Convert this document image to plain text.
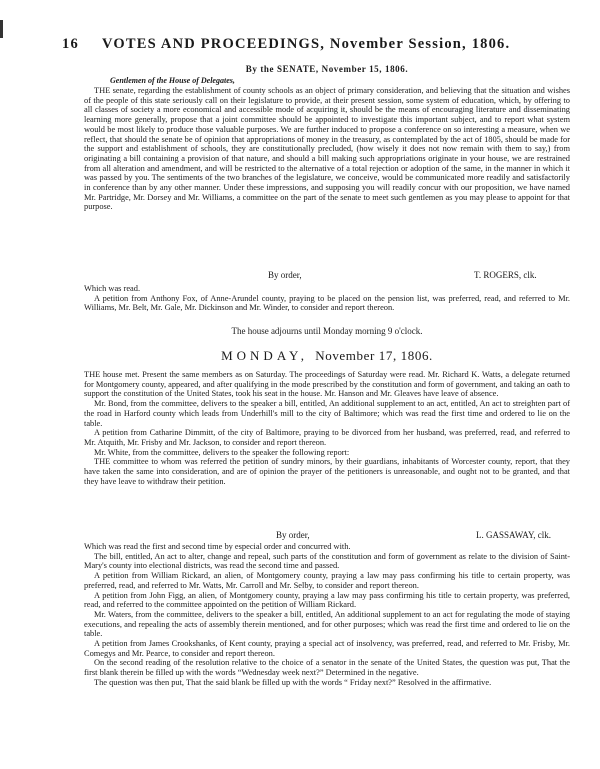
16 VOTES AND PROCEEDINGS, November Session, 1806.
By the SENATE, November 15, 1806.
Gentlemen of the House of Delegates,
THE senate, regarding the establishment of county schools as an object of primary consideration, and believing that the situation and wishes of the people of this state seriously call on their legislature to provide, at their present session, some system of education, which, by offering to all classes of society a more economical and accessible mode of acquiring it, should be the means of encouraging literature and disseminating learning more generally, propose that a joint committee should be appointed to investigate this important subject, and to report what system would be most likely to produce those valuable purposes. We are further induced to propose a conference on so interesting a measure, when we reflect, that should the senate be of opinion that appropriations of money in the treasury, as contemplated by the act of 1805, should be made for the support and establishment of schools, they are constitutionally precluded, (how wisely it does not now remain with them to say,) from originating a bill containing a provision of that nature, and should a bill making such appropriations originate in your house, we are restrained from all alteration and amendment, and will be restricted to the alternative of a total rejection or adoption of the same, in the manner in which it was passed by you. The sentiments of the two branches of the legislature, we conceive, would be communicated more readily and satisfactorily in conference than by any other manner. Under these impressions, and supposing you will readily concur with our proposition, we have named Mr. Partridge, Mr. Dorsey and Mr. Williams, a committee on the part of the senate to meet such gentlemen as you may please to appoint for that purpose.
By order,	T. ROGERS, clk.
Which was read.
A petition from Anthony Fox, of Anne-Arundel county, praying to be placed on the pension list, was preferred, read, and referred to Mr. Williams, Mr. Belt, Mr. Gale, Mr. Dickinson and Mr. Winder, to consider and report thereon.
The house adjourns until Monday morning 9 o'clock.
MONDAY, November 17, 1806.
THE house met. Present the same members as on Saturday. The proceedings of Saturday were read. Mr. Richard K. Watts, a delegate returned for Montgomery county, appeared, and after qualifying in the mode prescribed by the constitution and form of government, and taking an oath to support the constitution of the United States, took his seat in the house. Mr. Hanson and Mr. Gleaves have leave of absence.
Mr. Bond, from the committee, delivers to the speaker a bill, entitled, An additional supplement to an act, entitled, An act to streighten part of the road in Harford county which leads from Underhill's mill to the city of Baltimore; which was read the first time and ordered to lie on the table.
A petition from Catharine Dimmitt, of the city of Baltimore, praying to be divorced from her husband, was preferred, read, and referred to Mr. Atquith, Mr. Frisby and Mr. Jackson, to consider and report thereon.
Mr. White, from the committee, delivers to the speaker the following report:
THE committee to whom was referred the petition of sundry minors, by their guardians, inhabitants of Worcester county, report, that they have taken the same into consideration, and are of opinion the prayer of the petitioners is unreasonable, and ought not to be granted, and that they have leave to withdraw their petition.
By order,	L. GASSAWAY, clk.
Which was read the first and second time by especial order and concurred with.
The bill, entitled, An act to alter, change and repeal, such parts of the constitution and form of government as relate to the division of Saint-Mary's county into electional districts, was read the second time and passed.
A petition from William Rickard, an alien, of Montgomery county, praying a law may pass confirming his title to certain property, was preferred, read, and referred to Mr. Watts, Mr. Carroll and Mr. Selby, to consider and report thereon.
A petition from John Figg, an alien, of Montgomery county, praying a law may pass confirming his title to certain property, was preferred, read, and referred to the committee appointed on the petition of William Rickard.
Mr. Waters, from the committee, delivers to the speaker a bill, entitled, An additional supplement to an act for regulating the mode of staying executions, and repealing the acts of assembly therein mentioned, and for other purposes; which was read the first time and ordered to lie on the table.
A petition from James Crookshanks, of Kent county, praying a special act of insolvency, was preferred, read, and referred to Mr. Frisby, Mr. Comegys and Mr. Pearce, to consider and report thereon.
On the second reading of the resolution relative to the choice of a senator in the senate of the United States, the question was put, That the first blank therein be filled up with the words “Wednesday week next?” Determined in the negative.
The question was then put, That the said blank be filled up with the words “ Friday next?” Resolved in the affirmative.
